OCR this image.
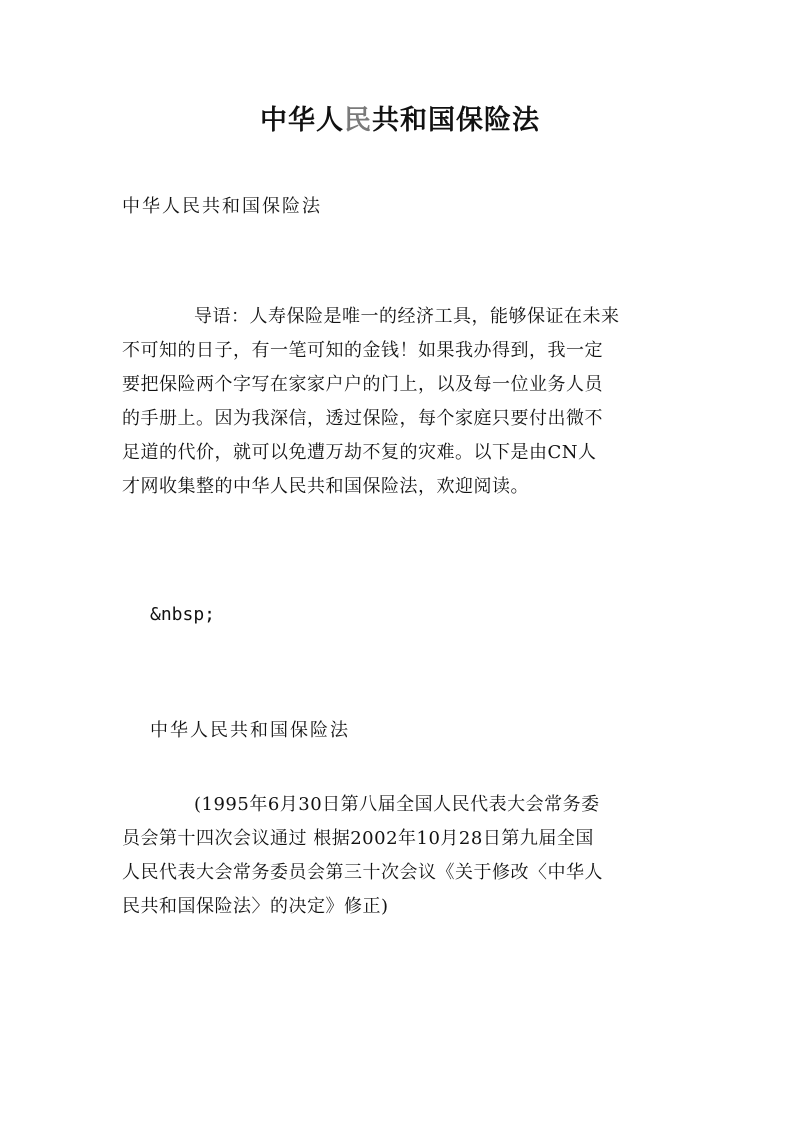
中华人民共和国保险法
中华人民共和国保险法
导语：人寿保险是唯一的经济工具，能够保证在未来
不可知的日子，有一笔可知的金钱！如果我办得到，我一定
要把保险两个字写在家家户户的门上，以及每一位业务人员
的手册上。因为我深信，透过保险，每个家庭只要付出微不
足道的代价，就可以免遭万劫不复的灾难。以下是由CN人
才网收集整的中华人民共和国保险法，欢迎阅读。
&nbsp;
中华人民共和国保险法
(1995年6月30日第八届全国人民代表大会常务委
员会第十四次会议通过 根据2002年10月28日第九届全国
人民代表大会常务委员会第三十次会议《关于修改〈中华人
民共和国保险法〉的决定》修正)
